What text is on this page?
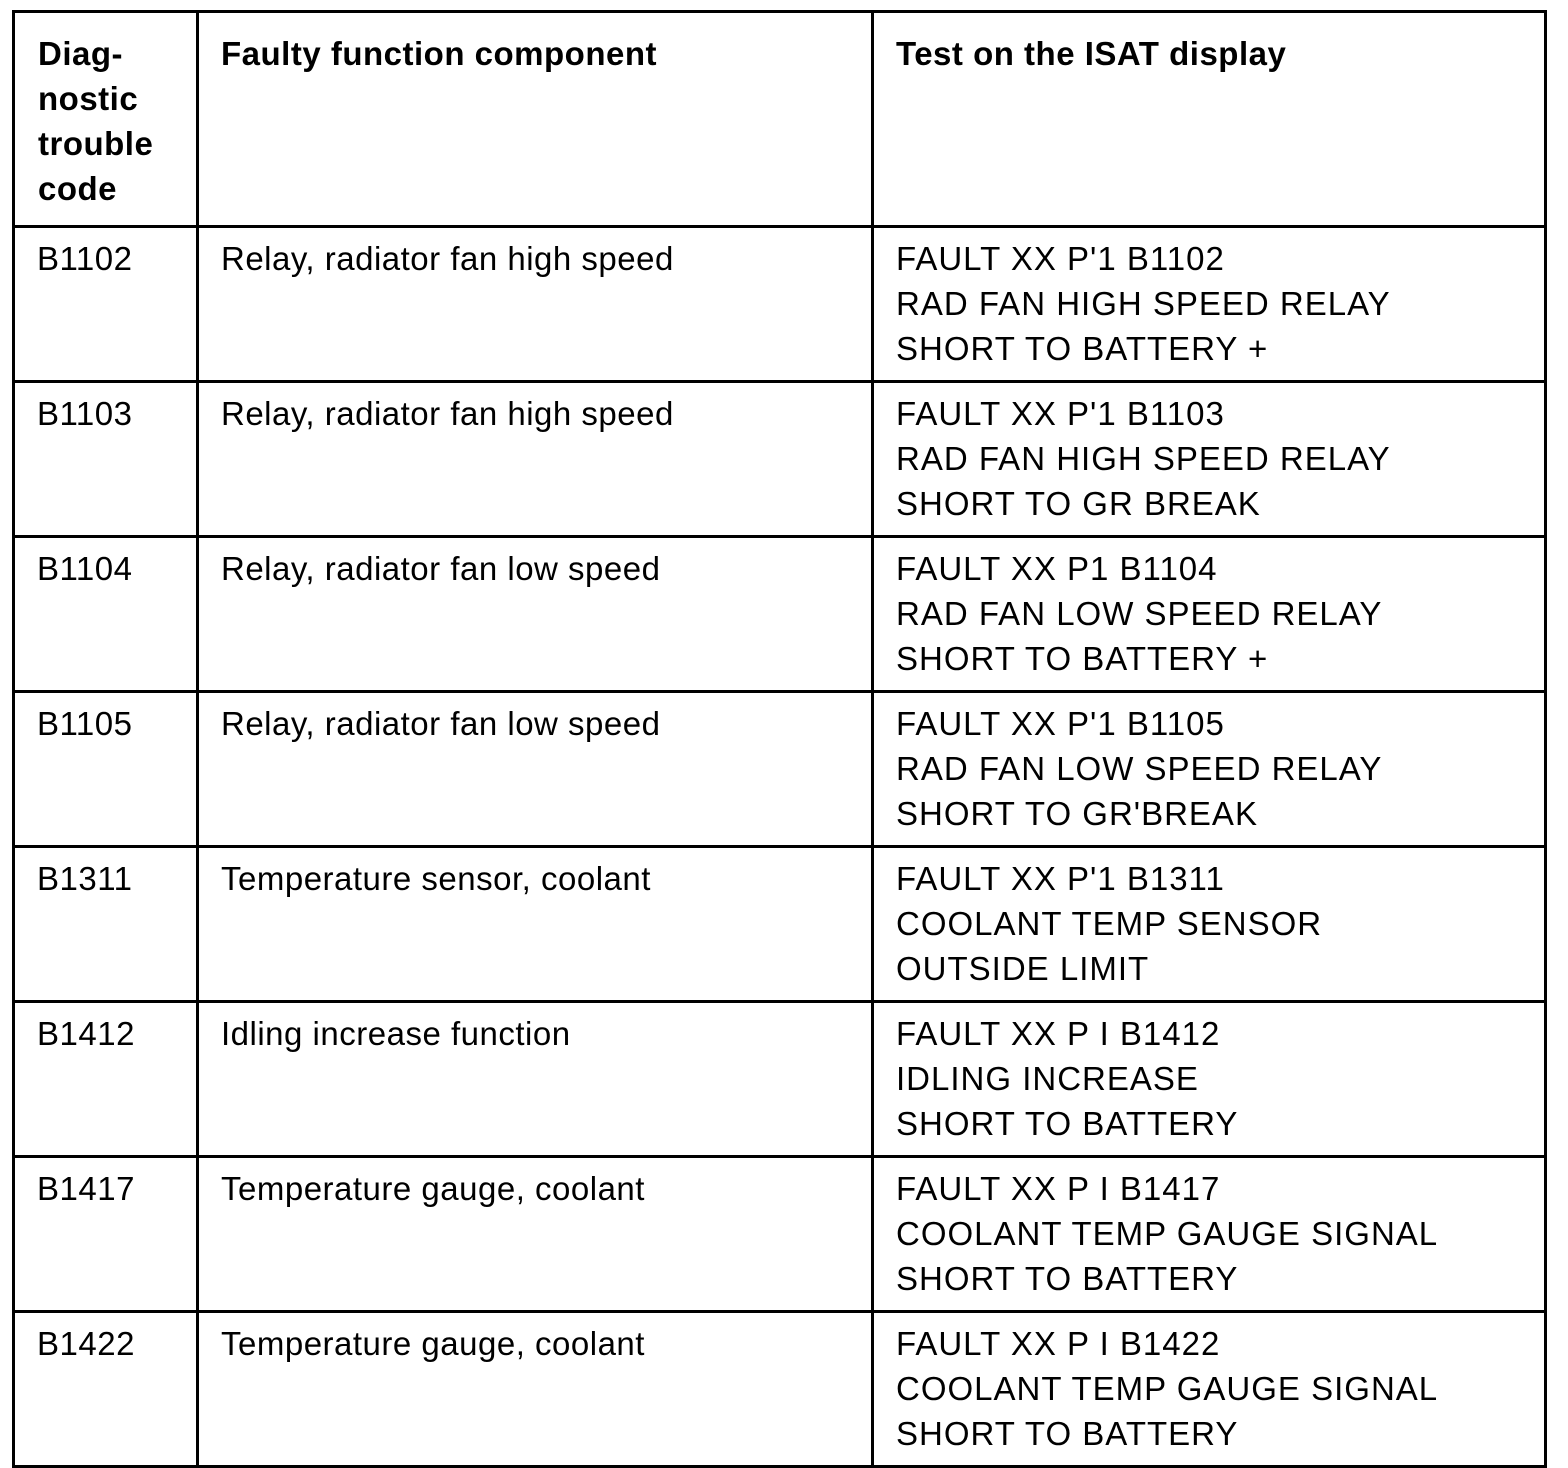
Diag-
nostic
trouble
code	Faulty function component	Test on the ISAT display

B1102	Relay, radiator fan high speed	FAULT XX P'1 B1102
RAD FAN HIGH SPEED RELAY
SHORT TO BATTERY +

B1103	Relay, radiator fan high speed	FAULT XX P'1 B1103
RAD FAN HIGH SPEED RELAY
SHORT TO GR BREAK

B1104	Relay, radiator fan low speed	FAULT XX P1 B1104
RAD FAN LOW SPEED RELAY
SHORT TO BATTERY +

B1105	Relay, radiator fan low speed	FAULT XX P'1 B1105
RAD FAN LOW SPEED RELAY
SHORT TO GR'BREAK

B1311	Temperature sensor, coolant	FAULT XX P'1 B1311
COOLANT TEMP SENSOR
OUTSIDE LIMIT

B1412	Idling increase function	FAULT XX P I B1412
IDLING INCREASE
SHORT TO BATTERY

B1417	Temperature gauge, coolant	FAULT XX P I B1417
COOLANT TEMP GAUGE SIGNAL
SHORT TO BATTERY

B1422	Temperature gauge, coolant	FAULT XX P I B1422
COOLANT TEMP GAUGE SIGNAL
SHORT TO BATTERY
